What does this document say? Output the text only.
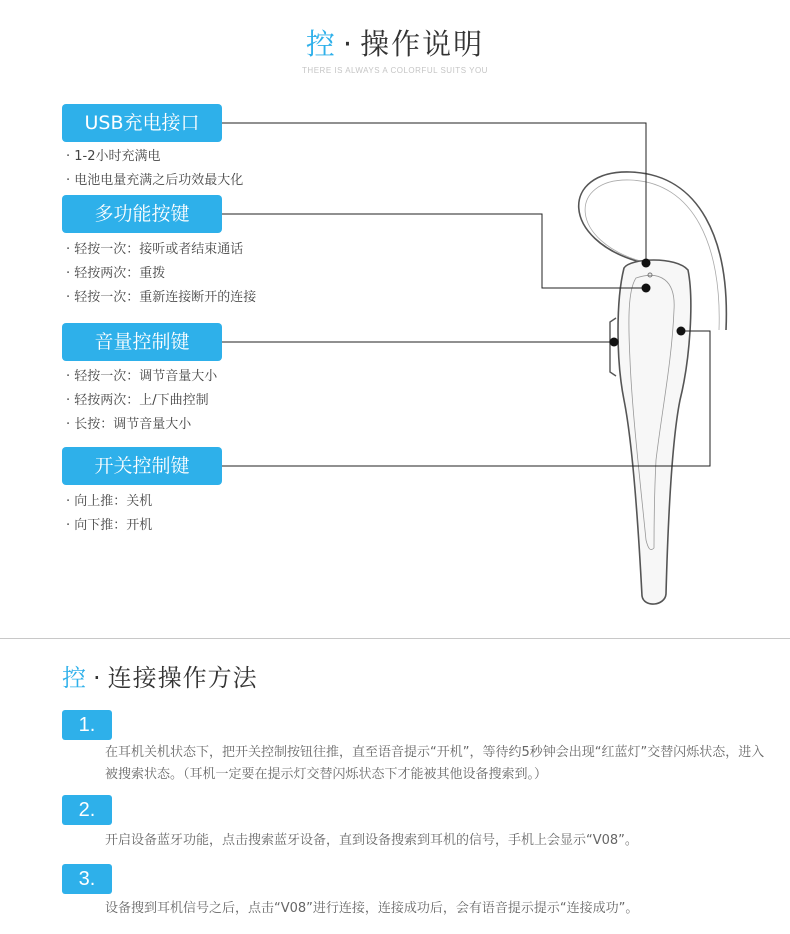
控 · 操作说明
THERE IS ALWAYS A COLORFUL SUITS YOU
USB充电接口
· 1-2小时充满电
· 电池电量充满之后功效最大化
多功能按键
· 轻按一次：接听或者结束通话
· 轻按两次：重拨
· 轻按一次：重新连接断开的连接
音量控制键
· 轻按一次：调节音量大小
· 轻按两次：上/下曲控制
· 长按：调节音量大小
开关控制键
· 向上推：关机
· 向下推：开机
控 · 连接操作方法
1.
在耳机关机状态下，把开关控制按钮往推，直至语音提示“开机”，等待约5秒钟会出现“红蓝灯”交替闪烁状态，进入被搜索状态。（耳机一定要在提示灯交替闪烁状态下才能被其他设备搜索到。）
2.
开启设备蓝牙功能，点击搜索蓝牙设备，直到设备搜索到耳机的信号，手机上会显示“V08”。
3.
设备搜到耳机信号之后，点击“V08”进行连接，连接成功后，会有语音提示提示“连接成功”。
